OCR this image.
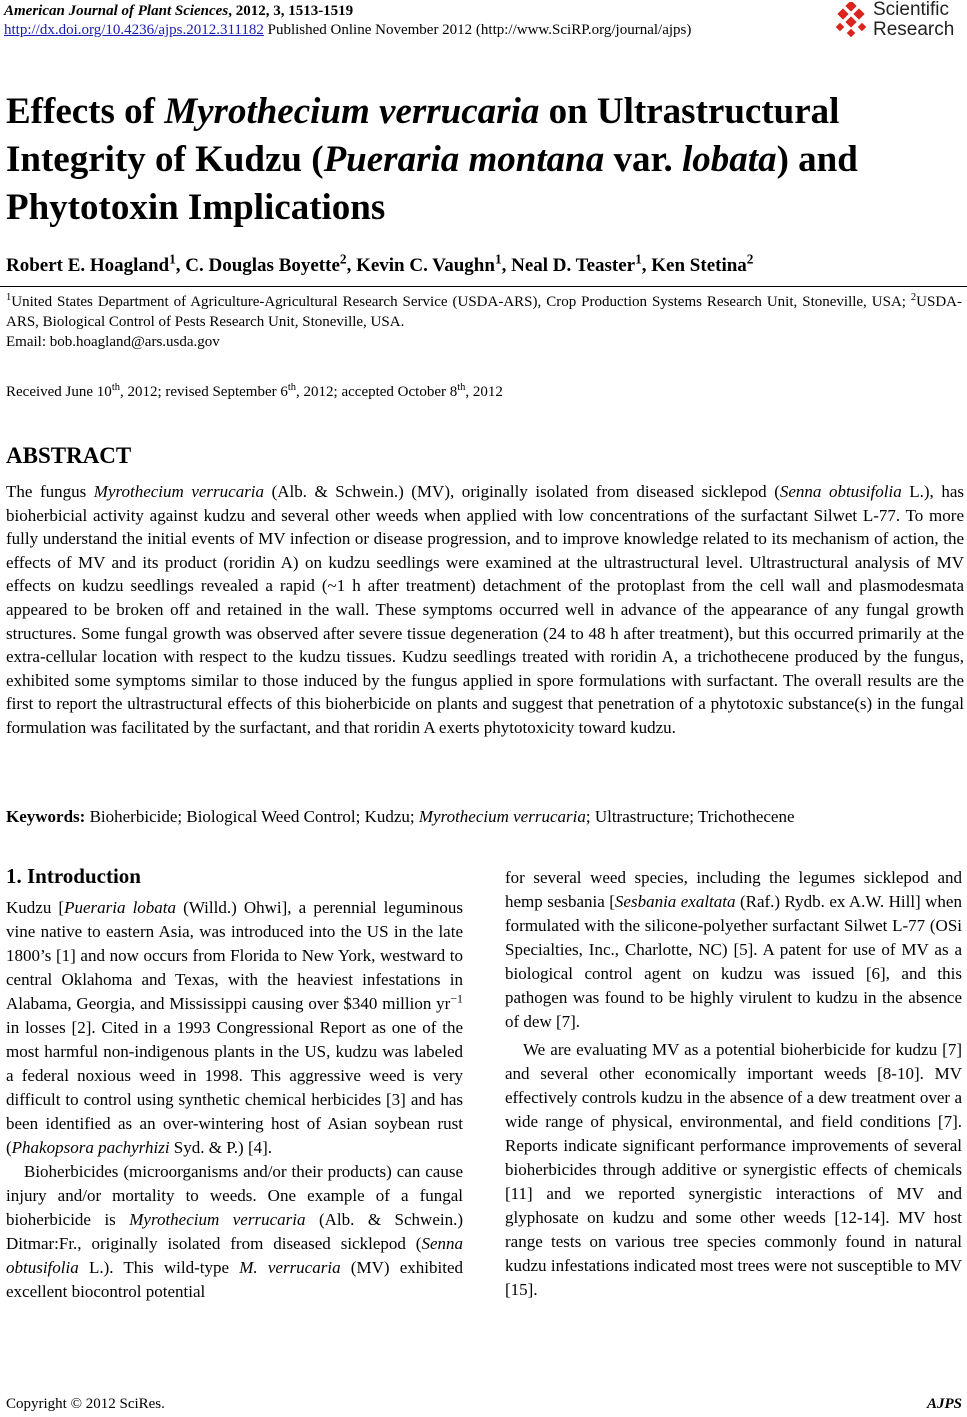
American Journal of Plant Sciences, 2012, 3, 1513-1519
http://dx.doi.org/10.4236/ajps.2012.311182 Published Online November 2012 (http://www.SciRP.org/journal/ajps)
Scientific
Research
Effects of Myrothecium verrucaria on Ultrastructural Integrity of Kudzu (Pueraria montana var. lobata) and Phytotoxin Implications
Robert E. Hoagland$^1$, C. Douglas Boyette$^2$, Kevin C. Vaughn$^1$, Neal D. Teaster$^1$, Ken Stetina$^2$

$^1$United States Department of Agriculture-Agricultural Research Service (USDA-ARS), Crop Production Systems Research Unit, Stoneville, USA; $^2$USDA-ARS, Biological Control of Pests Research Unit, Stoneville, USA.

Email: bob.hoagland@ars.usda.gov

Received June 10th, 2012; revised September 6th, 2012; accepted October 8th, 2012
ABSTRACT

The fungus Myrothecium verrucaria (Alb. & Schwein.) (MV), originally isolated from diseased sicklepod (Senna obtusifolia L.), has bioherbicial activity against kudzu and several other weeds when applied with low concentrations of the surfactant Silwet L-77. To more fully understand the initial events of MV infection or disease progression, and to improve knowledge related to its mechanism of action, the effects of MV and its product (roridin A) on kudzu seedlings were examined at the ultrastructural level. Ultrastructural analysis of MV effects on kudzu seedlings revealed a rapid (~1 h after treatment) detachment of the protoplast from the cell wall and plasmodesmata appeared to be broken off and retained in the wall. These symptoms occurred well in advance of the appearance of any fungal growth structures. Some fungal growth was observed after severe tissue degeneration (24 to 48 h after treatment), but this occurred primarily at the extra-cellular location with respect to the kudzu tissues. Kudzu seedlings treated with roridin A, a trichothecene produced by the fungus, exhibited some symptoms similar to those induced by the fungus applied in spore formulations with surfactant. The overall results are the first to report the ultrastructural effects of this bioherbicide on plants and suggest that penetration of a phytotoxic substance(s) in the fungal formulation was facilitated by the surfactant, and that roridin A exerts phytotoxicity toward kudzu.

Keywords: Bioherbicide; Biological Weed Control; Kudzu; Myrothecium verrucaria; Ultrastructure; Trichothecene
1. Introduction

Kudzu [Pueraria lobata (Willd.) Ohwi], a perennial leguminous vine native to eastern Asia, was introduced into the US in the late 1800’s [1] and now occurs from Florida to New York, westward to central Oklahoma and Texas, with the heaviest infestations in Alabama, Georgia, and Mississippi causing over $340 million $yr^{-1}$ in losses [2]. Cited in a 1993 Congressional Report as one of the most harmful non-indigenous plants in the US, kudzu was labeled a federal noxious weed in 1998. This aggressive weed is very difficult to control using synthetic chemical herbicides [3] and has been identified as an over-wintering host of Asian soybean rust (Phakopsora pachyrhizi Syd. & P.) [4].

Bioherbicides (microorganisms and/or their products) can cause injury and/or mortality to weeds. One example of a fungal bioherbicide is Myrothecium verrucaria (Alb. & Schwein.) Ditmar:Fr., originally isolated from diseased sicklepod (Senna obtusifolia L.). This wild-type M. verrucaria (MV) exhibited excellent biocontrol potential

for several weed species, including the legumes sicklepod and hemp sesbania [Sesbania exaltata (Raf.) Rydb. ex A.W. Hill] when formulated with the silicone-polyether surfactant Silwet L-77 (OSi Specialties, Inc., Charlotte, NC) [5]. A patent for use of MV as a biological control agent on kudzu was issued [6], and this pathogen was found to be highly virulent to kudzu in the absence of dew [7].

We are evaluating MV as a potential bioherbicide for kudzu [7] and several other economically important weeds [8-10]. MV effectively controls kudzu in the absence of a dew treatment over a wide range of physical, environmental, and field conditions [7]. Reports indicate significant performance improvements of several bioherbicides through additive or synergistic effects of chemicals [11] and we reported synergistic interactions of MV and glyphosate on kudzu and some other weeds [12-14]. MV host range tests on various tree species commonly found in natural kudzu infestations indicated most trees were not susceptible to MV [15].

Copyright © 2012 SciRes.	AJPS
